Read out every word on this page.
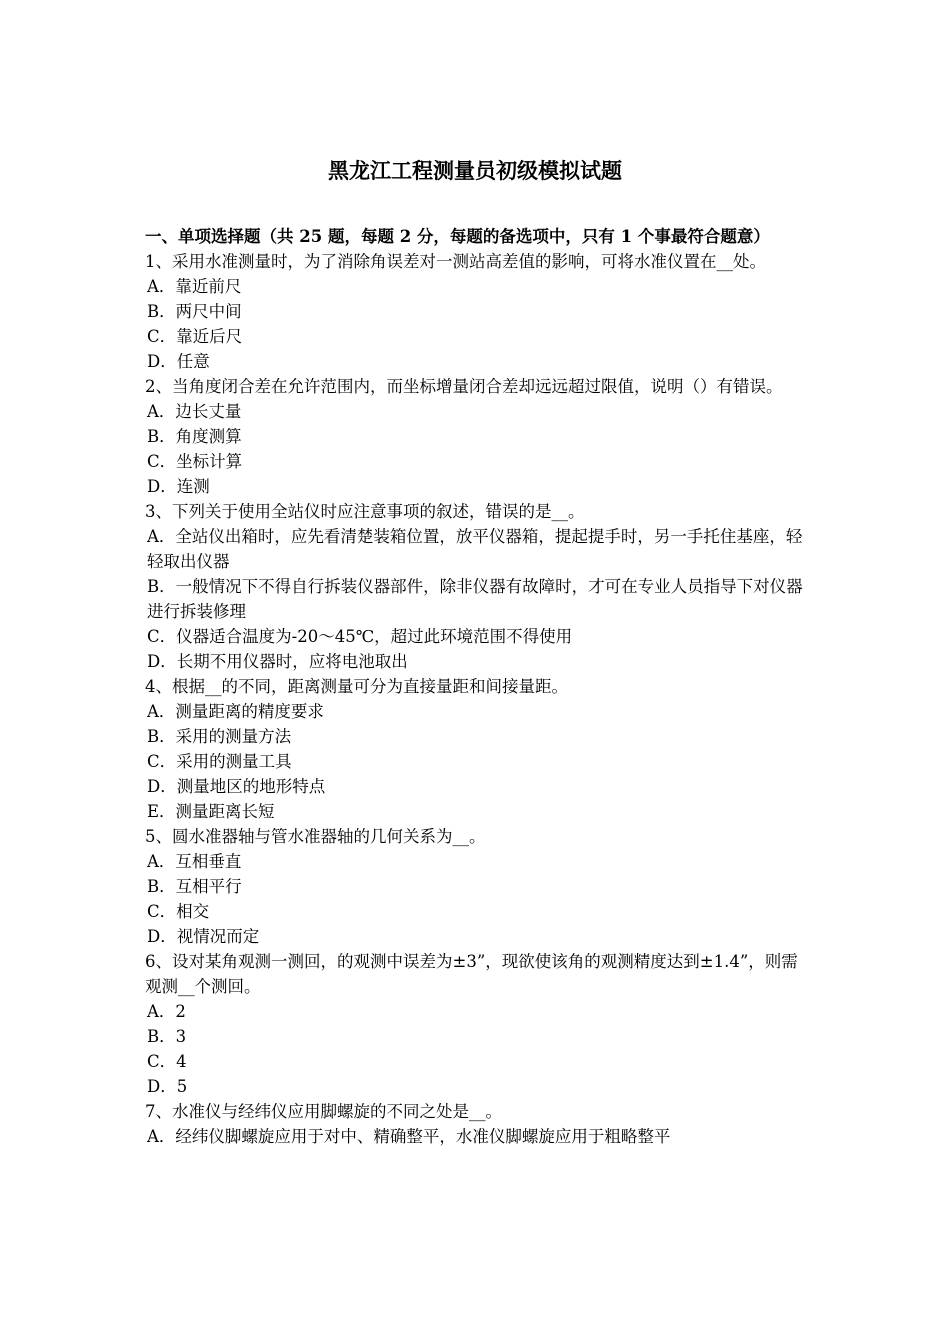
黑龙江工程测量员初级模拟试题

一、单项选择题（共 25 题，每题 2 分，每题的备选项中，只有 1 个事最符合题意）

1、采用水准测量时，为了消除角误差对一测站高差值的影响，可将水准仪置在__处。

A．靠近前尺

B．两尺中间

C．靠近后尺

D．任意

2、当角度闭合差在允许范围内，而坐标增量闭合差却远远超过限值，说明（）有错误。

A．边长丈量

B．角度测算

C．坐标计算

D．连测

3、下列关于使用全站仪时应注意事项的叙述，错误的是__。

A．全站仪出箱时，应先看清楚装箱位置，放平仪器箱，提起提手时，另一手托住基座，轻轻取出仪器

B．一般情况下不得自行拆装仪器部件，除非仪器有故障时，才可在专业人员指导下对仪器进行拆装修理

C．仪器适合温度为-20～45℃，超过此环境范围不得使用

D．长期不用仪器时，应将电池取出

4、根据__的不同，距离测量可分为直接量距和间接量距。

A．测量距离的精度要求

B．采用的测量方法

C．采用的测量工具

D．测量地区的地形特点

E．测量距离长短

5、圆水准器轴与管水准器轴的几何关系为__。

A．互相垂直

B．互相平行

C．相交

D．视情况而定

6、设对某角观测一测回，的观测中误差为±3”，现欲使该角的观测精度达到±1.4”，则需观测__个测回。

A．2

B．3

C．4

D．5

7、水准仪与经纬仪应用脚螺旋的不同之处是__。

A．经纬仪脚螺旋应用于对中、精确整平，水准仪脚螺旋应用于粗略整平
